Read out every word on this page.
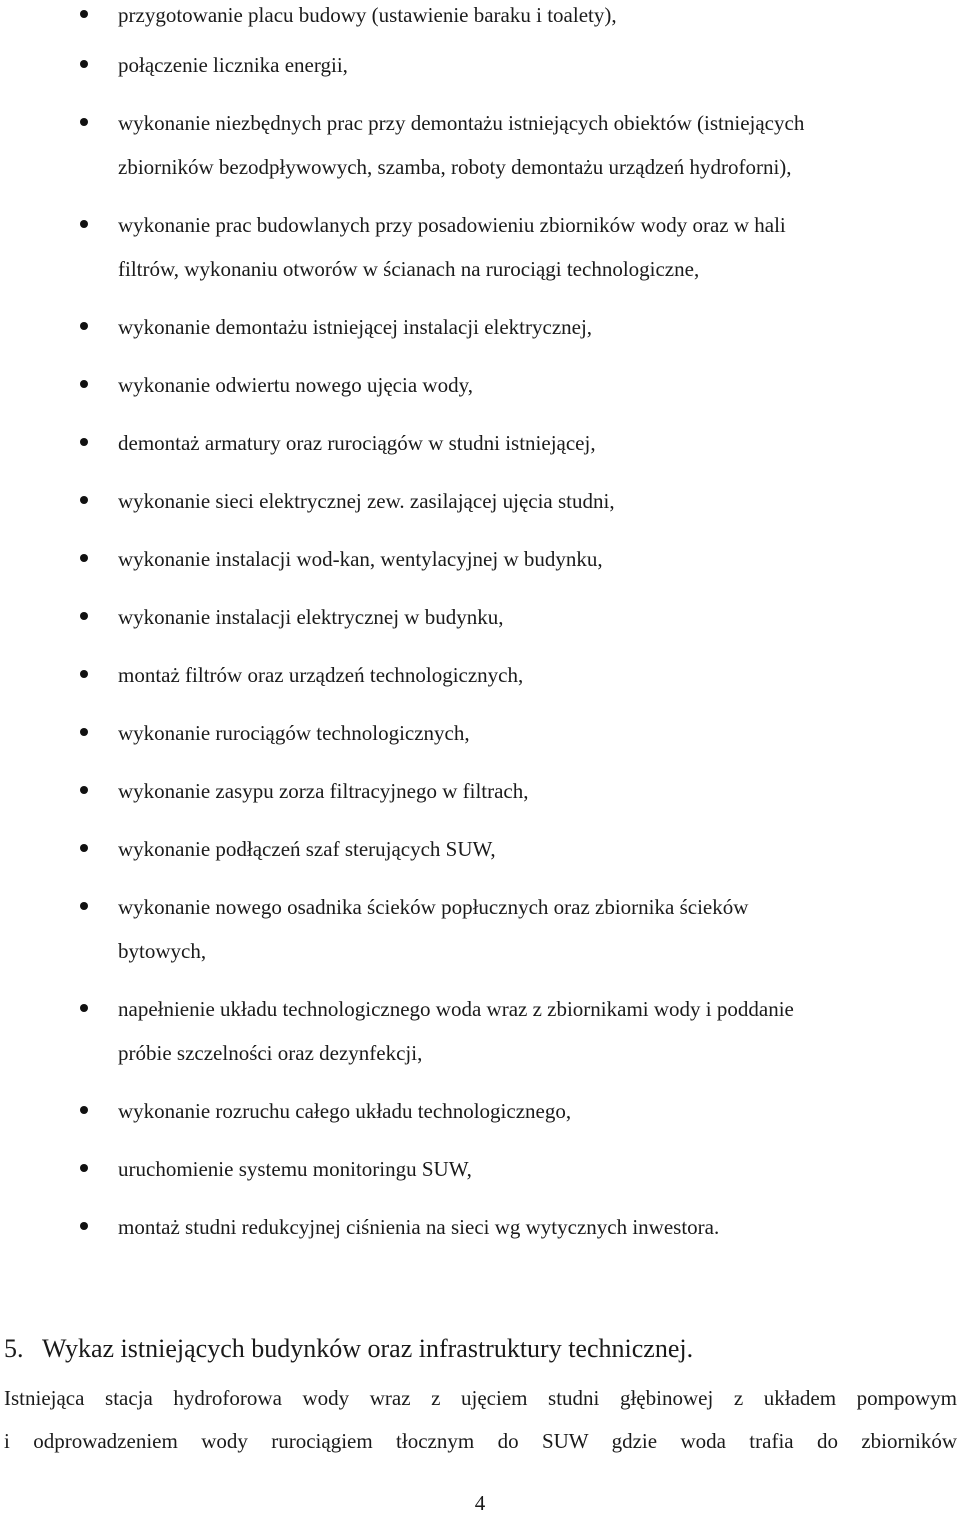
przygotowanie placu budowy (ustawienie baraku i toalety),
połączenie licznika energii,
wykonanie niezbędnych prac przy demontażu istniejących obiektów (istniejących
zbiorników bezodpływowych, szamba, roboty demontażu urządzeń hydroforni),
wykonanie prac budowlanych przy posadowieniu zbiorników wody oraz w hali
filtrów, wykonaniu otworów w ścianach na rurociągi technologiczne,
wykonanie demontażu istniejącej instalacji elektrycznej,
wykonanie odwiertu nowego ujęcia wody,
demontaż armatury oraz rurociągów w studni istniejącej,
wykonanie sieci elektrycznej zew. zasilającej ujęcia studni,
wykonanie instalacji wod-kan, wentylacyjnej w budynku,
wykonanie instalacji elektrycznej w budynku,
montaż filtrów oraz urządzeń technologicznych,
wykonanie rurociągów technologicznych,
wykonanie zasypu zorza filtracyjnego w filtrach,
wykonanie podłączeń szaf sterujących SUW,
wykonanie nowego osadnika ścieków popłucznych oraz zbiornika ścieków
bytowych,
napełnienie układu technologicznego woda wraz z zbiornikami wody i poddanie
próbie szczelności oraz dezynfekcji,
wykonanie rozruchu całego układu technologicznego,
uruchomienie systemu monitoringu SUW,
montaż studni redukcyjnej ciśnienia na sieci wg wytycznych inwestora.
5. Wykaz istniejących budynków oraz infrastruktury technicznej.
Istniejąca stacja hydroforowa wody wraz z ujęciem studni głębinowej z układem pompowym
i odprowadzeniem wody rurociągiem tłocznym do SUW gdzie woda trafia do zbiorników
4
